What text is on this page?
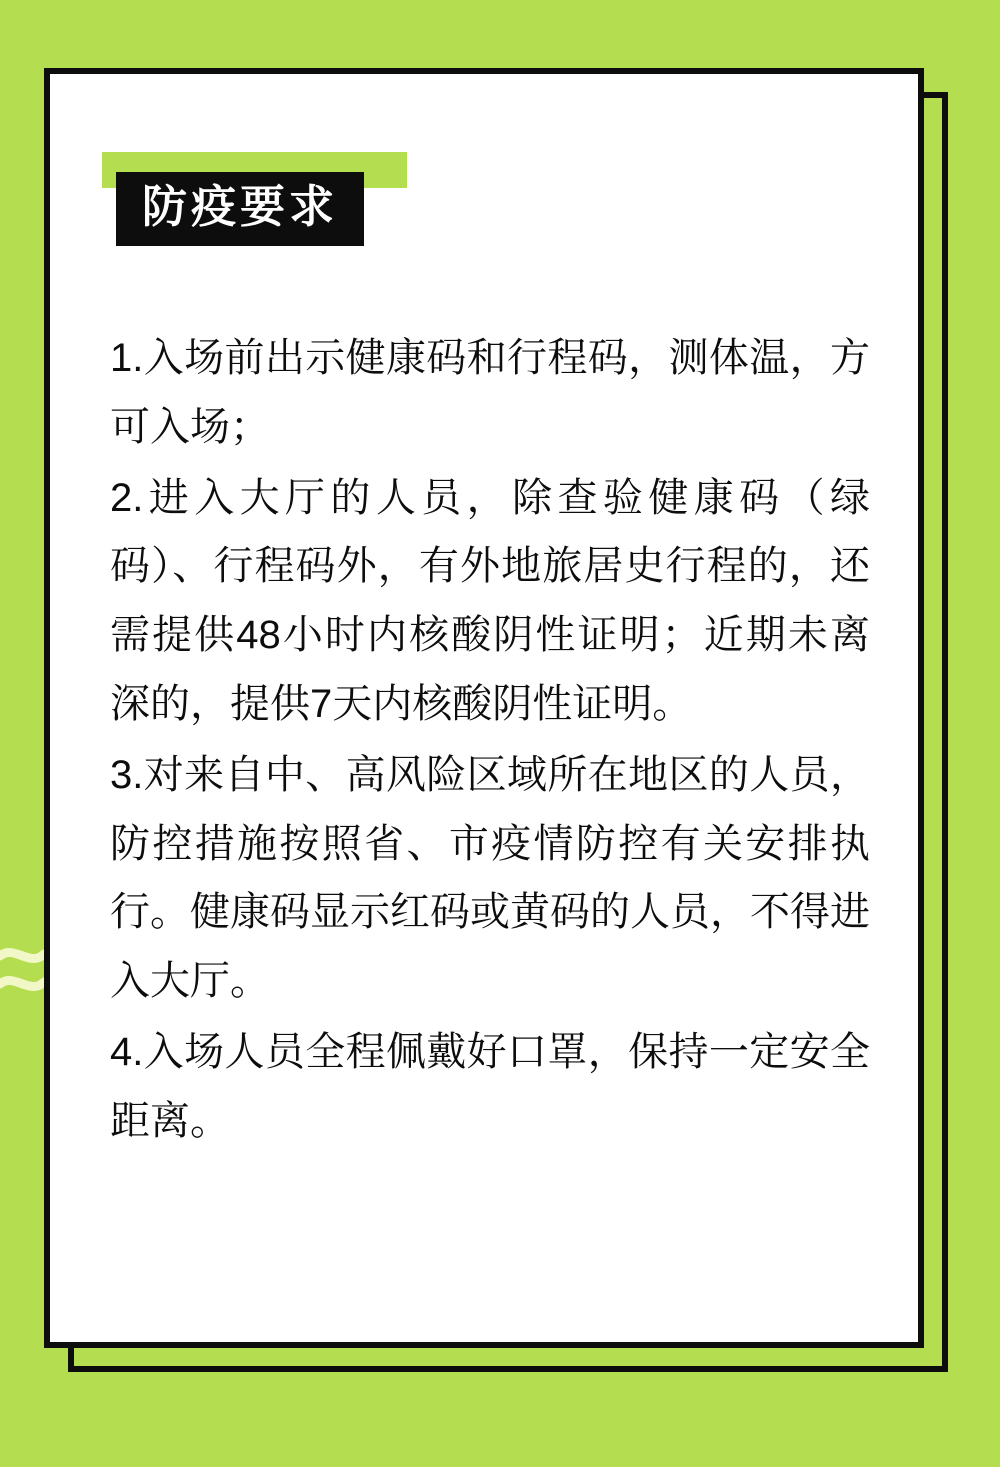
防疫要求

1.入场前出示健康码和行程码，测体温，方可入场；

2.进入大厅的人员，除查验健康码（绿码）、行程码外，有外地旅居史行程的，还需提供48小时内核酸阴性证明；近期未离深的，提供7天内核酸阴性证明。

3.对来自中、高风险区域所在地区的人员，防控措施按照省、市疫情防控有关安排执行。健康码显示红码或黄码的人员，不得进入大厅。

4.入场人员全程佩戴好口罩，保持一定安全距离。
